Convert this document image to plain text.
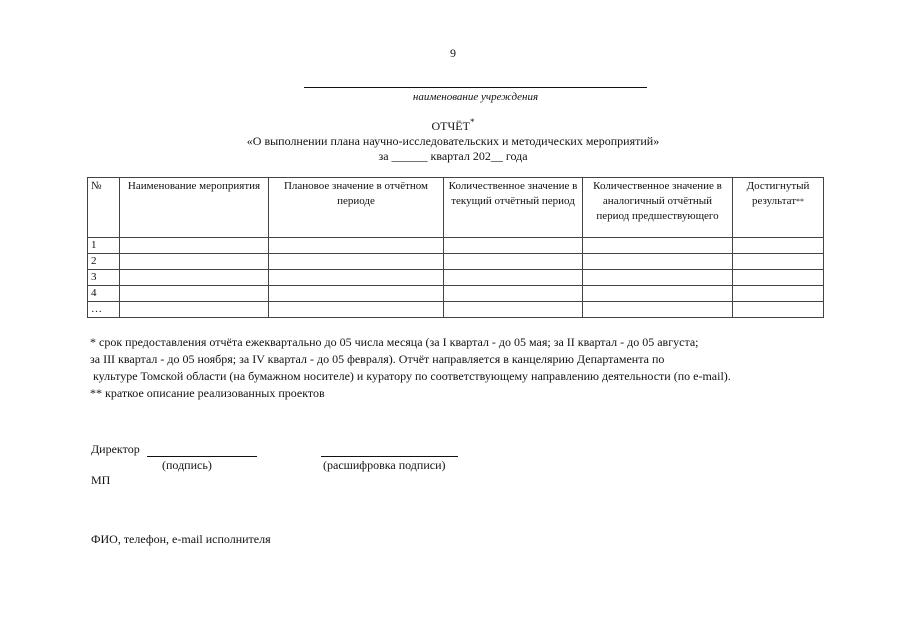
9
наименование учреждения
ОТЧЁТ*
«О выполнении плана научно-исследовательских и методических мероприятий»
за ______ квартал 202__ года
№	Наименование мероприятия	Плановое значение в отчётном периоде	Количественное значение в текущий отчётный период	Количественное значение в аналогичный отчётный период предшествующего	Достигнутый результат**
1					
2					
3					
4					
…					
* срок предоставления отчёта ежеквартально до 05 числа месяца (за I квартал - до 05 мая; за II квартал - до 05 августа;
за III квартал - до 05 ноября; за IV квартал - до 05 февраля). Отчёт направляется в канцелярию Департамента по
культуре Томской области (на бумажном носителе) и куратору по соответствующему направлению деятельности (по e-mail).
** краткое описание реализованных проектов
Директор
(подпись)	(расшифровка подписи)
МП
ФИО, телефон, e-mail исполнителя
